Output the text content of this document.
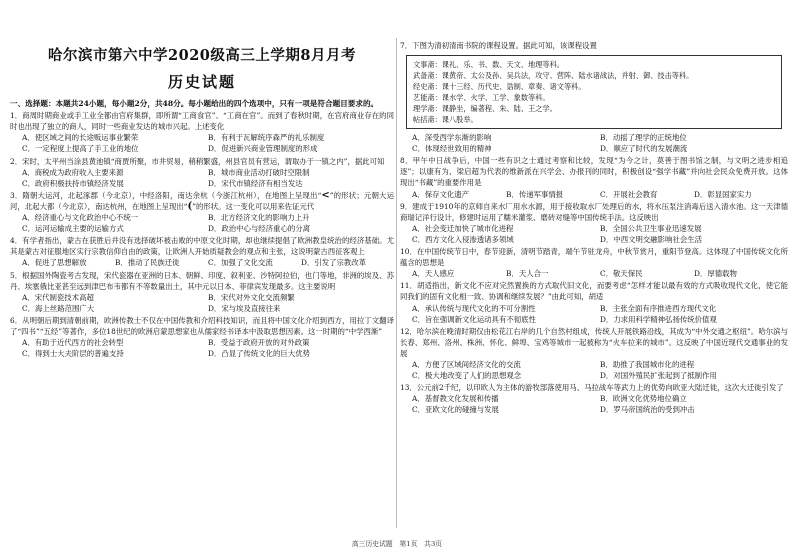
哈尔滨市第六中学2020级高三上学期8月月考
历史试题
一、选择题：本题共24小题，每小题2分，共48分。每小题给出的四个选项中，只有一项是符合题目要求的。
1．商周时期商业或手工业全都由官府集群，即所谓“工商食官”、“工商在官”。而到了春秋时期，在官府商业存在的同时也出现了独立的商人，同时一些商业发达的城市兴起。上述变化
A．使区域之间的长途贩运事业繁荣	B．有利于瓦解统序森严的礼乐制度
C．一定程度上提高了手工业的地位	D．促进新兴商业管理制度的形成
2．宋时，太平州当涂县黄池镇“商贾所聚，市井贸易，稍稍繁盛，州县官员有营运，谓取办于一镇之内”，据此可知
A．商税成为政府收入主要来源	B．城市商业活动打破时空限制
C．政府积极扶持市镇经济发展	D．宋代市镇经济有相当发达
3．隋朝大运河，北起涿郡（今北京），中经洛阳，南达余杭（今浙江杭州），在地图上呈现出“<”的形状；元朝大运河，北起大都（今北京），南达杭州，在地图上呈现出“(”的形状。这一变化可以用来佐证元代
A．经济重心与文化政治中心不统一	B．北方经济文化的影响力上升
C．运河运输成主要的运输方式	D．政治中心与经济重心的分离
4．有学者指出，蒙古在获胜后并没有选择破坏被击败的中原文化时期，却也继续提倡了欧洲教皇统治的经济基础。尤其是蒙古对征服地区实行宗教信仰自由的政策，让欧洲人开始质疑教会的观点和主张，这说明蒙古西征客观上
A．促进了思想解放	B．推动了民族迁徙	C．加强了文化交流	D．引发了宗教改革
5．根据国外陶瓷考古发现，宋代瓷器在亚洲的日本、朝鲜、印度、叙利亚、沙特阿拉伯，也门等地，非洲的埃及、苏丹、埃塞俄比亚甚至远到津巴布韦都有不等数量出土，其中元以日本、菲律宾发现最多。这主要说明
A．宋代制瓷技术高超	B．宋代对外文化交流频繁
C．海上丝路范围广大	D．宋与埃及直接往来
6．从明朝后期到清朝前期，欧洲传教士不仅在中国传教和介绍科技知识，而且将中国文化介绍到西方，用拉丁文翻译了“四书”“五经”等著作，多位18世纪的欧洲启蒙思想家也从儒家经书译本中汲取思想因素。这一时期的“中学西渐”
A．有助于近代西方的社会转型	B．受益于政府开放的对外政策
C．得到士大夫阶层的普遍支持	D．凸显了传统文化的巨大优势
7．下图为清初清南书院的课程设置。据此可知，该课程设置
文事斋：课礼、乐、书、数、天文、地理等科。
武备斋：课黄帝、太公及孙、吴兵法，攻守、营阵、陆水诸战法，并射、御、技击等科。
经史斋：课十三经、历代史、诰制、章奏、诸文等科。
艺能斋：课水学、火学、工学、象数等科。
理学斋：课静坐，编著程、朱、陆、王之学。
帖括斋：课八股举。
A．深受西学东渐的影响	B．动摇了理学的正统地位
C．体现经世致用的精神	D．顺应了时代的发展潮流
8．甲午中日战争后，中国一些有识之士通过考察和比较，发现“为今之计，莫善于图书馆之制，与文明之进步相追逐”；以康有为、梁启超为代表的维新派在兴学会、办报刊的同时，积极创设“强学书藏”并向社会民众免费开放。这体现出“书藏”的重要作用是
A．保存文化遗产	B．传递军事情报	C．开展社会教育	D．彰显国家实力
9．建成于1910年的京师自来水厂用水水源，用于接收取水厂处理后的水，将水压泵注消毒后送入清水池。这一天津德商瑞记洋行设计，修建时运用了糯米灌浆、磨砖对缝等中国传统手法。这反映出
A．社会变迁加快了城市化进程	B．全国公共卫生事业迅速发展
C．西方文化入侵渗透诸多领域	D．中西文明交融影响社会生活
10．在中国传统节日中，春节迎新，清明节踏青，端午节驻龙舟，中秋节赏月，重阳节登高。这体现了中国传统文化所蕴含的思想是
A．天人感应	B．天人合一	C．敬天保民	D．厚德载物
11．胡适指出，新文化不应对完然置换的方式取代旧文化，而要考虑“怎样才能以最有效的方式吸收现代文化，使它能同我们的固有文化相一致、协调和继续发展？”由此可知，胡适
A．承认传统与现代文化的不可分割性	B．主张全面有序推进西方现代文化
C．旨在强调新文化运动具有不彻底性	D．力求用科学精神弘扬传统价值观
12．哈尔滨在晚清时期仅由松花江右岸的几个自然村组成，传统人开展铁路沿线，其成为“中外交通之枢纽”。哈尔滨与长春、郑州、洛州、株洲、怀化、鲜埠、宝鸡等城市一起被称为“火车拉来的城市”。这反映了中国近现代交通事业的发展
A．方便了区域间经济文化的交流	B．助推了我国城市化的进程
C．极大地改变了人们的思想观念	D．对国外殖民扩张起到了抵制作用
13．公元前2千纪，以印欧人为主体的游牧部落使用马、马拉战车等武力上的优势向欧亚大陆迁徙，这次大迁徙引发了
A．基督教文化发展和传播	B．欧洲文化优势地位确立
C．亚欧文化的碰撞与发展	D．罗马帝国统治的受到冲击
高三历史试题　第1页　共3页
